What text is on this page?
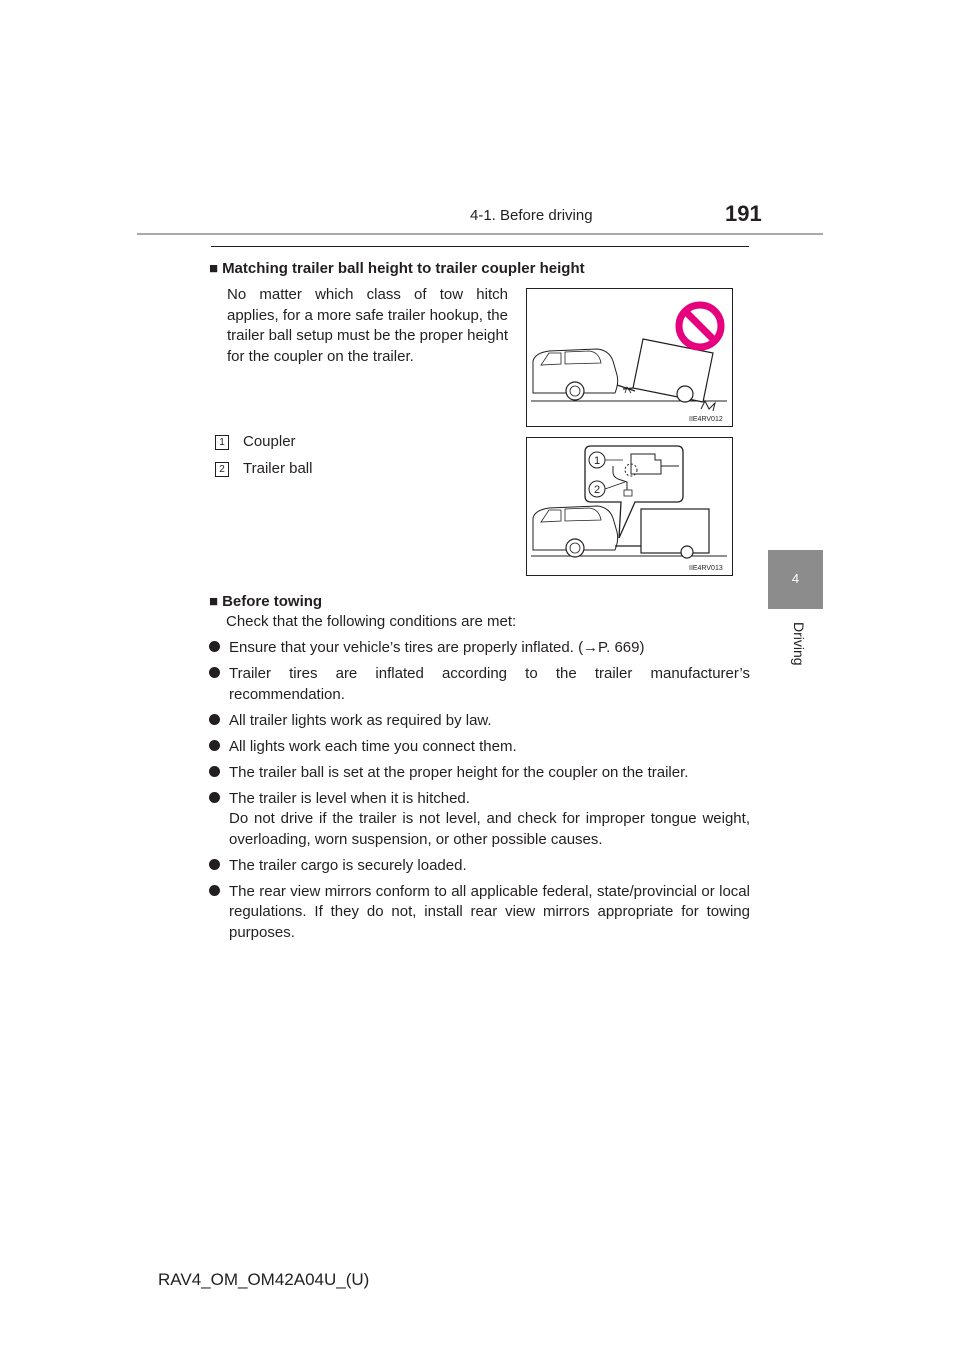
4-1. Before driving	191
4
Driving
■ Matching trailer ball height to trailer coupler height
No matter which class of tow hitch applies, for a more safe trailer hookup, the trailer ball setup must be the proper height for the coupler on the trailer.
IIE4RV012
1 Coupler
2 Trailer ball	1
2
IIE4RV013
■ Before towing
Check that the following conditions are met:
Ensure that your vehicle’s tires are properly inflated. (→P. 669)
Trailer tires are inflated according to the trailer manufacturer’s recommendation.
All trailer lights work as required by law.
All lights work each time you connect them.
The trailer ball is set at the proper height for the coupler on the trailer.
The trailer is level when it is hitched.
Do not drive if the trailer is not level, and check for improper tongue weight, overloading, worn suspension, or other possible causes.
The trailer cargo is securely loaded.
The rear view mirrors conform to all applicable federal, state/provincial or local regulations. If they do not, install rear view mirrors appropriate for towing purposes.
RAV4_OM_OM42A04U_(U)
